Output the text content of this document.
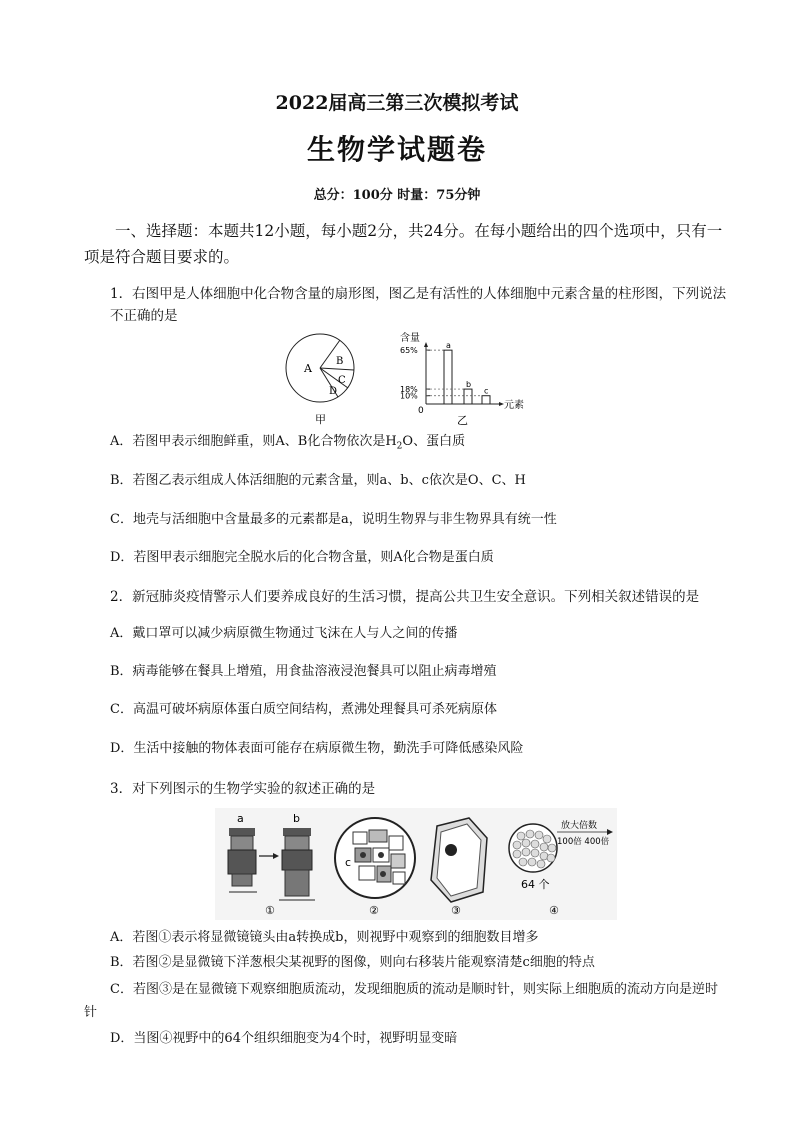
2022届高三第三次模拟考试
生物学试题卷
总分：100分 时量：75分钟
一、选择题：本题共12小题，每小题2分，共24分。在每小题给出的四个选项中，只有一项是符合题目要求的。
1．右图甲是人体细胞中化合物含量的扇形图，图乙是有活性的人体细胞中元素含量的柱形图，下列说法不正确的是
A
B
C
D
甲
含量
元素
0
65%
18%
10%
a
b
c
乙
A．若图甲表示细胞鲜重，则A、B化合物依次是$H_2O$、蛋白质
B．若图乙表示组成人体活细胞的元素含量，则a、b、c依次是O、C、H
C．地壳与活细胞中含量最多的元素都是a，说明生物界与非生物界具有统一性
D．若图甲表示细胞完全脱水后的化合物含量，则A化合物是蛋白质
2．新冠肺炎疫情警示人们要养成良好的生活习惯，提高公共卫生安全意识。下列相关叙述错误的是
A．戴口罩可以减少病原微生物通过飞沫在人与人之间的传播
B．病毒能够在餐具上增殖，用食盐溶液浸泡餐具可以阻止病毒增殖
C．高温可破坏病原体蛋白质空间结构，煮沸处理餐具可杀死病原体
D．生活中接触的物体表面可能存在病原微生物，勤洗手可降低感染风险
3．对下列图示的生物学实验的叙述正确的是
a	b
①
c
②	③
放大倍数
100倍 400倍
64 个
④
A．若图①表示将显微镜镜头由a转换成b，则视野中观察到的细胞数目增多
B．若图②是显微镜下洋葱根尖某视野的图像，则向右移装片能观察清楚c细胞的特点
C．若图③是在显微镜下观察细胞质流动，发现细胞质的流动是顺时针，则实际上细胞质的流动方向是逆时针
D．当图④视野中的64个组织细胞变为4个时，视野明显变暗
